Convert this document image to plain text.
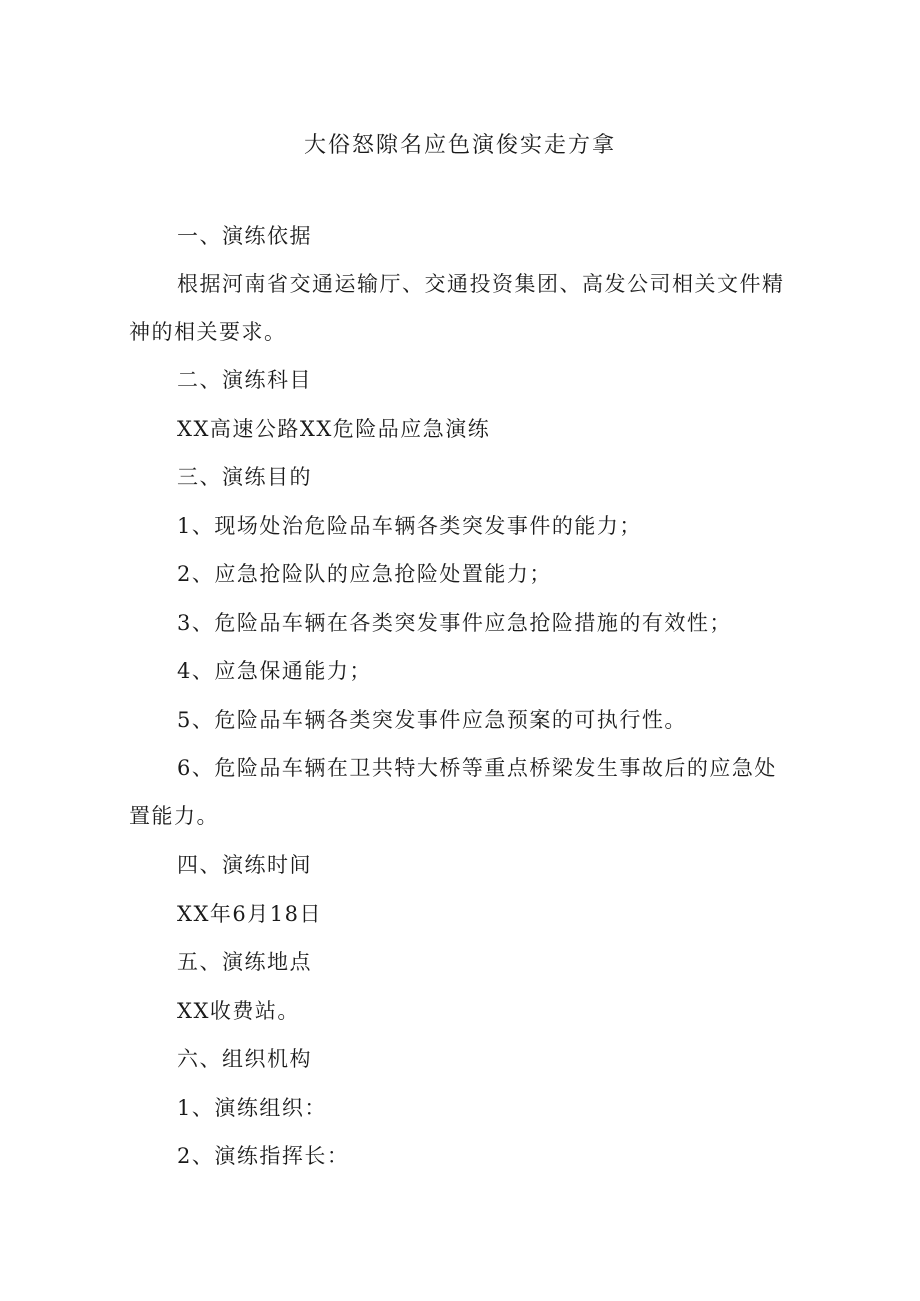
大俗怒隙名应色演俊实走方拿

一、演练依据

根据河南省交通运输厅、交通投资集团、高发公司相关文件精神的相关要求。

二、演练科目

XX高速公路XX危险品应急演练

三、演练目的

1、现场处治危险品车辆各类突发事件的能力；

2、应急抢险队的应急抢险处置能力；

3、危险品车辆在各类突发事件应急抢险措施的有效性；

4、应急保通能力；

5、危险品车辆各类突发事件应急预案的可执行性。

6、危险品车辆在卫共特大桥等重点桥梁发生事故后的应急处置能力。

四、演练时间

XX年6月18日

五、演练地点

XX收费站。

六、组织机构

1、演练组织：

2、演练指挥长：
